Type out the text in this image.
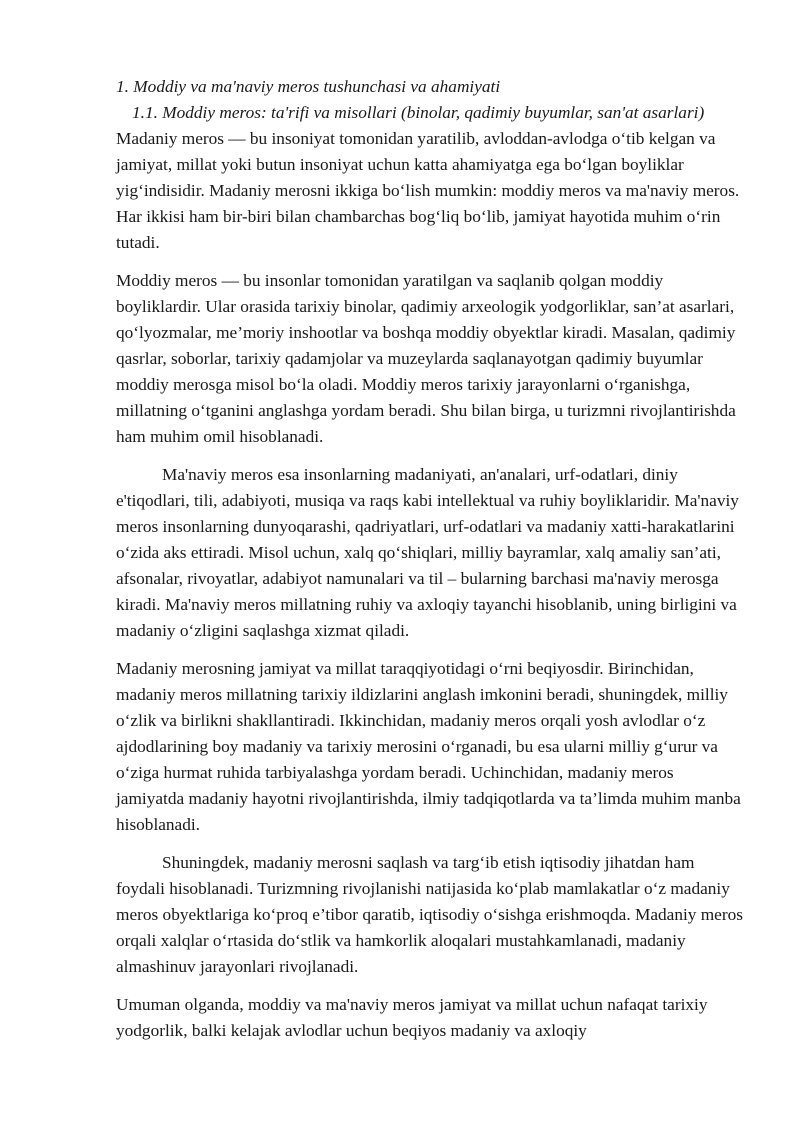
1. Moddiy va ma'naviy meros tushunchasi va ahamiyati

1.1. Moddiy meros: ta'rifi va misollari (binolar, qadimiy buyumlar, san'at asarlari)

Madaniy meros — bu insoniyat tomonidan yaratilib, avloddan-avlodga o‘tib kelgan va jamiyat, millat yoki butun insoniyat uchun katta ahamiyatga ega bo‘lgan boyliklar yig‘indisidir. Madaniy merosni ikkiga bo‘lish mumkin: moddiy meros va ma'naviy meros. Har ikkisi ham bir-biri bilan chambarchas bog‘liq bo‘lib, jamiyat hayotida muhim o‘rin tutadi.

Moddiy meros — bu insonlar tomonidan yaratilgan va saqlanib qolgan moddiy boyliklardir. Ular orasida tarixiy binolar, qadimiy arxeologik yodgorliklar, san’at asarlari, qo‘lyozmalar, me’moriy inshootlar va boshqa moddiy obyektlar kiradi. Masalan, qadimiy qasrlar, soborlar, tarixiy qadamjolar va muzeylarda saqlanayotgan qadimiy buyumlar moddiy merosga misol bo‘la oladi. Moddiy meros tarixiy jarayonlarni o‘rganishga, millatning o‘tganini anglashga yordam beradi. Shu bilan birga, u turizmni rivojlantirishda ham muhim omil hisoblanadi.

Ma'naviy meros esa insonlarning madaniyati, an'analari, urf-odatlari, diniy e'tiqodlari, tili, adabiyoti, musiqa va raqs kabi intellektual va ruhiy boyliklaridir. Ma'naviy meros insonlarning dunyoqarashi, qadriyatlari, urf-odatlari va madaniy xatti-harakatlarini o‘zida aks ettiradi. Misol uchun, xalq qo‘shiqlari, milliy bayramlar, xalq amaliy san’ati, afsonalar, rivoyatlar, adabiyot namunalari va til – bularning barchasi ma'naviy merosga kiradi. Ma'naviy meros millatning ruhiy va axloqiy tayanchi hisoblanib, uning birligini va madaniy o‘zligini saqlashga xizmat qiladi.

Madaniy merosning jamiyat va millat taraqqiyotidagi o‘rni beqiyosdir. Birinchidan, madaniy meros millatning tarixiy ildizlarini anglash imkonini beradi, shuningdek, milliy o‘zlik va birlikni shakllantiradi. Ikkinchidan, madaniy meros orqali yosh avlodlar o‘z ajdodlarining boy madaniy va tarixiy merosini o‘rganadi, bu esa ularni milliy g‘urur va o‘ziga hurmat ruhida tarbiyalashga yordam beradi. Uchinchidan, madaniy meros jamiyatda madaniy hayotni rivojlantirishda, ilmiy tadqiqotlarda va ta’limda muhim manba hisoblanadi.

Shuningdek, madaniy merosni saqlash va targ‘ib etish iqtisodiy jihatdan ham foydali hisoblanadi. Turizmning rivojlanishi natijasida ko‘plab mamlakatlar o‘z madaniy meros obyektlariga ko‘proq e’tibor qaratib, iqtisodiy o‘sishga erishmoqda. Madaniy meros orqali xalqlar o‘rtasida do‘stlik va hamkorlik aloqalari mustahkamlanadi, madaniy almashinuv jarayonlari rivojlanadi.

Umuman olganda, moddiy va ma'naviy meros jamiyat va millat uchun nafaqat tarixiy yodgorlik, balki kelajak avlodlar uchun beqiyos madaniy va axloqiy
